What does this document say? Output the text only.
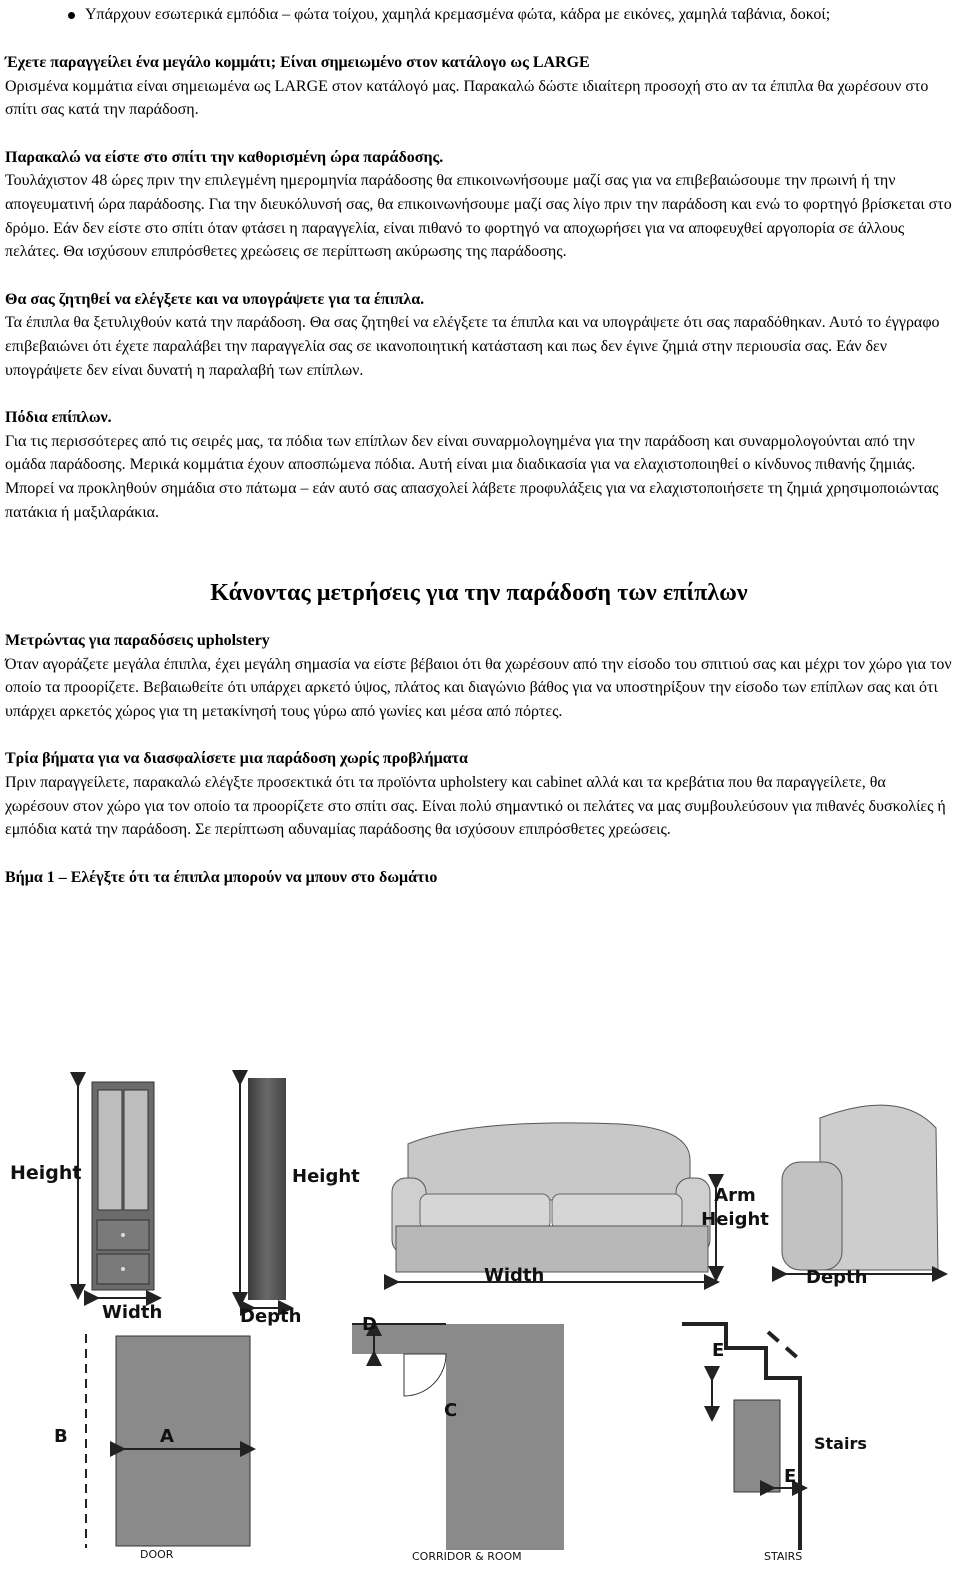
Υπάρχουν εσωτερικά εμπόδια – φώτα τοίχου, χαμηλά κρεμασμένα φώτα, κάδρα με εικόνες, χαμηλά ταβάνια, δοκοί;

Έχετε παραγγείλει ένα μεγάλο κομμάτι; Είναι σημειωμένο στον κατάλογο ως LARGE

Ορισμένα κομμάτια είναι σημειωμένα ως LARGE στον κατάλογό μας. Παρακαλώ δώστε ιδιαίτερη προσοχή στο αν τα έπιπλα θα χωρέσουν στο σπίτι σας κατά την παράδοση.

Παρακαλώ να είστε στο σπίτι την καθορισμένη ώρα παράδοσης.

Τουλάχιστον 48 ώρες πριν την επιλεγμένη ημερομηνία παράδοσης θα επικοινωνήσουμε μαζί σας για να επιβεβαιώσουμε την πρωινή ή την απογευματινή ώρα παράδοσης. Για την διευκόλυνσή σας, θα επικοινωνήσουμε μαζί σας λίγο πριν την παράδοση και ενώ το φορτηγό βρίσκεται στο δρόμο. Εάν δεν είστε στο σπίτι όταν φτάσει η παραγγελία, είναι πιθανό το φορτηγό να αποχωρήσει για να αποφευχθεί αργοπορία σε άλλους πελάτες. Θα ισχύσουν επιπρόσθετες χρεώσεις σε περίπτωση ακύρωσης της παράδοσης.

Θα σας ζητηθεί να ελέγξετε και να υπογράψετε για τα έπιπλα.

Τα έπιπλα θα ξετυλιχθούν κατά την παράδοση. Θα σας ζητηθεί να ελέγξετε τα έπιπλα και να υπογράψετε ότι σας παραδόθηκαν. Αυτό το έγγραφο επιβεβαιώνει ότι έχετε παραλάβει την παραγγελία σας σε ικανοποιητική κατάσταση και πως δεν έγινε ζημιά στην περιουσία σας. Εάν δεν υπογράψετε δεν είναι δυνατή η παραλαβή των επίπλων.

Πόδια επίπλων.

Για τις περισσότερες από τις σειρές μας, τα πόδια των επίπλων δεν είναι συναρμολογημένα για την παράδοση και συναρμολογούνται από την ομάδα παράδοσης. Μερικά κομμάτια έχουν αποσπώμενα πόδια. Αυτή είναι μια διαδικασία για να ελαχιστοποιηθεί ο κίνδυνος πιθανής ζημιάς. Μπορεί να προκληθούν σημάδια στο πάτωμα – εάν αυτό σας απασχολεί λάβετε προφυλάξεις για να ελαχιστοποιήσετε τη ζημιά χρησιμοποιώντας πατάκια ή μαξιλαράκια.

Κάνοντας μετρήσεις για την παράδοση των επίπλων

Μετρώντας για παραδόσεις upholstery

Όταν αγοράζετε μεγάλα έπιπλα, έχει μεγάλη σημασία να είστε βέβαιοι ότι θα χωρέσουν από την είσοδο του σπιτιού σας και μέχρι τον χώρο για τον οποίο τα προορίζετε. Βεβαιωθείτε ότι υπάρχει αρκετό ύψος, πλάτος και διαγώνιο βάθος για να υποστηρίξουν την είσοδο των επίπλων σας και ότι υπάρχει αρκετός χώρος για τη μετακίνησή τους γύρω από γωνίες και μέσα από πόρτες.

Τρία βήματα για να διασφαλίσετε μια παράδοση χωρίς προβλήματα

Πριν παραγγείλετε, παρακαλώ ελέγξτε προσεκτικά ότι τα προϊόντα upholstery και cabinet αλλά και τα κρεβάτια που θα παραγγείλετε, θα χωρέσουν στον χώρο για τον οποίο τα προορίζετε στο σπίτι σας. Είναι πολύ σημαντικό οι πελάτες να μας συμβουλεύσουν για πιθανές δυσκολίες ή εμπόδια κατά την παράδοση. Σε περίπτωση αδυναμίας παράδοσης θα ισχύσουν επιπρόσθετες χρεώσεις.

Βήμα 1 – Ελέγξτε ότι τα έπιπλα μπορούν να μπουν στο δωμάτιο

Height
Width
Height
Depth
Arm Height
Width	Depth
B	A
DOOR
D
C
CORRIDOR & ROOM
E
E
Stairs
STAIRS
